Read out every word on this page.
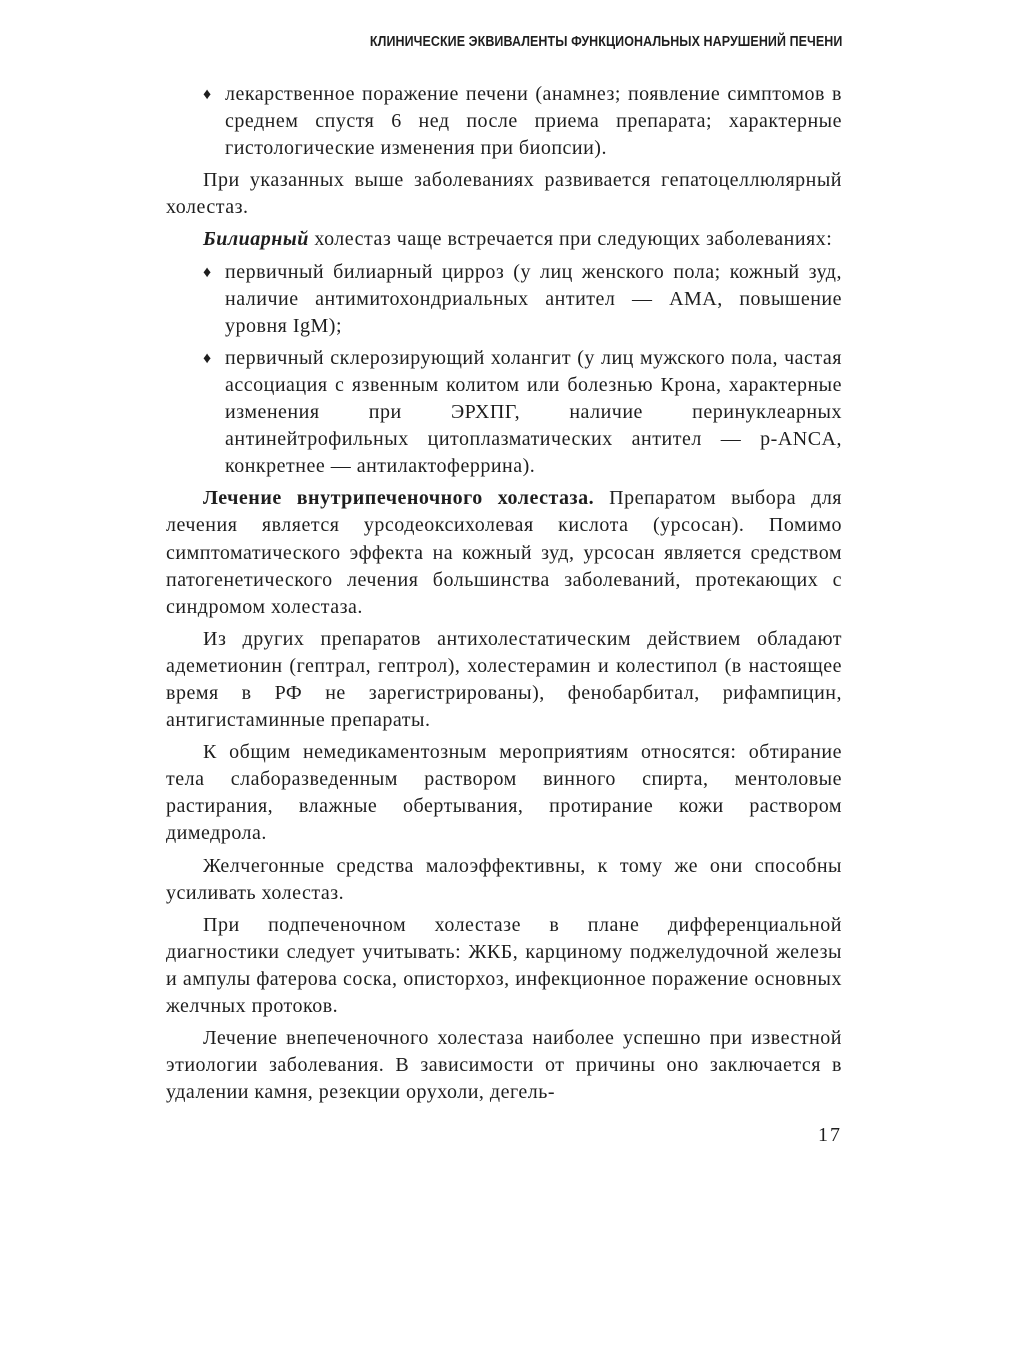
КЛИНИЧЕСКИЕ ЭКВИВАЛЕНТЫ ФУНКЦИОНАЛЬНЫХ НАРУШЕНИЙ ПЕЧЕНИ
♦ лекарственное поражение печени (анамнез; появление симптомов в среднем спустя 6 нед после приема препарата; характерные гистологические изменения при биопсии).

При указанных выше заболеваниях развивается гепатоцеллюлярный холестаз.

Билиарный холестаз чаще встречается при следующих заболеваниях:

♦ первичный билиарный цирроз (у лиц женского пола; кожный зуд, наличие антимитохондриальных антител — АМА, повышение уровня IgM);
♦ первичный склерозирующий холангит (у лиц мужского пола, частая ассоциация с язвенным колитом или болезнью Крона, характерные изменения при ЭРХПГ, наличие перинуклеарных антинейтрофильных цитоплазматических антител — p-ANCA, конкретнее — антилактоферрина).

Лечение внутрипеченочного холестаза. Препаратом выбора для лечения является урсодеоксихолевая кислота (урсосан). Помимо симптоматического эффекта на кожный зуд, урсосан является средством патогенетического лечения большинства заболеваний, протекающих с синдромом холестаза.

Из других препаратов антихолестатическим действием обладают адеметионин (гептрал, гептрол), холестерамин и колестипол (в настоящее время в РФ не зарегистрированы), фенобарбитал, рифампицин, антигистаминные препараты.

К общим немедикаментозным мероприятиям относятся: обтирание тела слаборазведенным раствором винного спирта, ментоловые растирания, влажные обертывания, протирание кожи раствором димедрола.

Желчегонные средства малоэффективны, к тому же они способны усиливать холестаз.

При подпеченочном холестазе в плане дифференциальной диагностики следует учитывать: ЖКБ, карциному поджелудочной железы и ампулы фатерова соска, описторхоз, инфекционное поражение основных желчных протоков.

Лечение внепеченочного холестаза наиболее успешно при известной этиологии заболевания. В зависимости от причины оно заключается в удалении камня, резекции орухоли, дегель-

17
